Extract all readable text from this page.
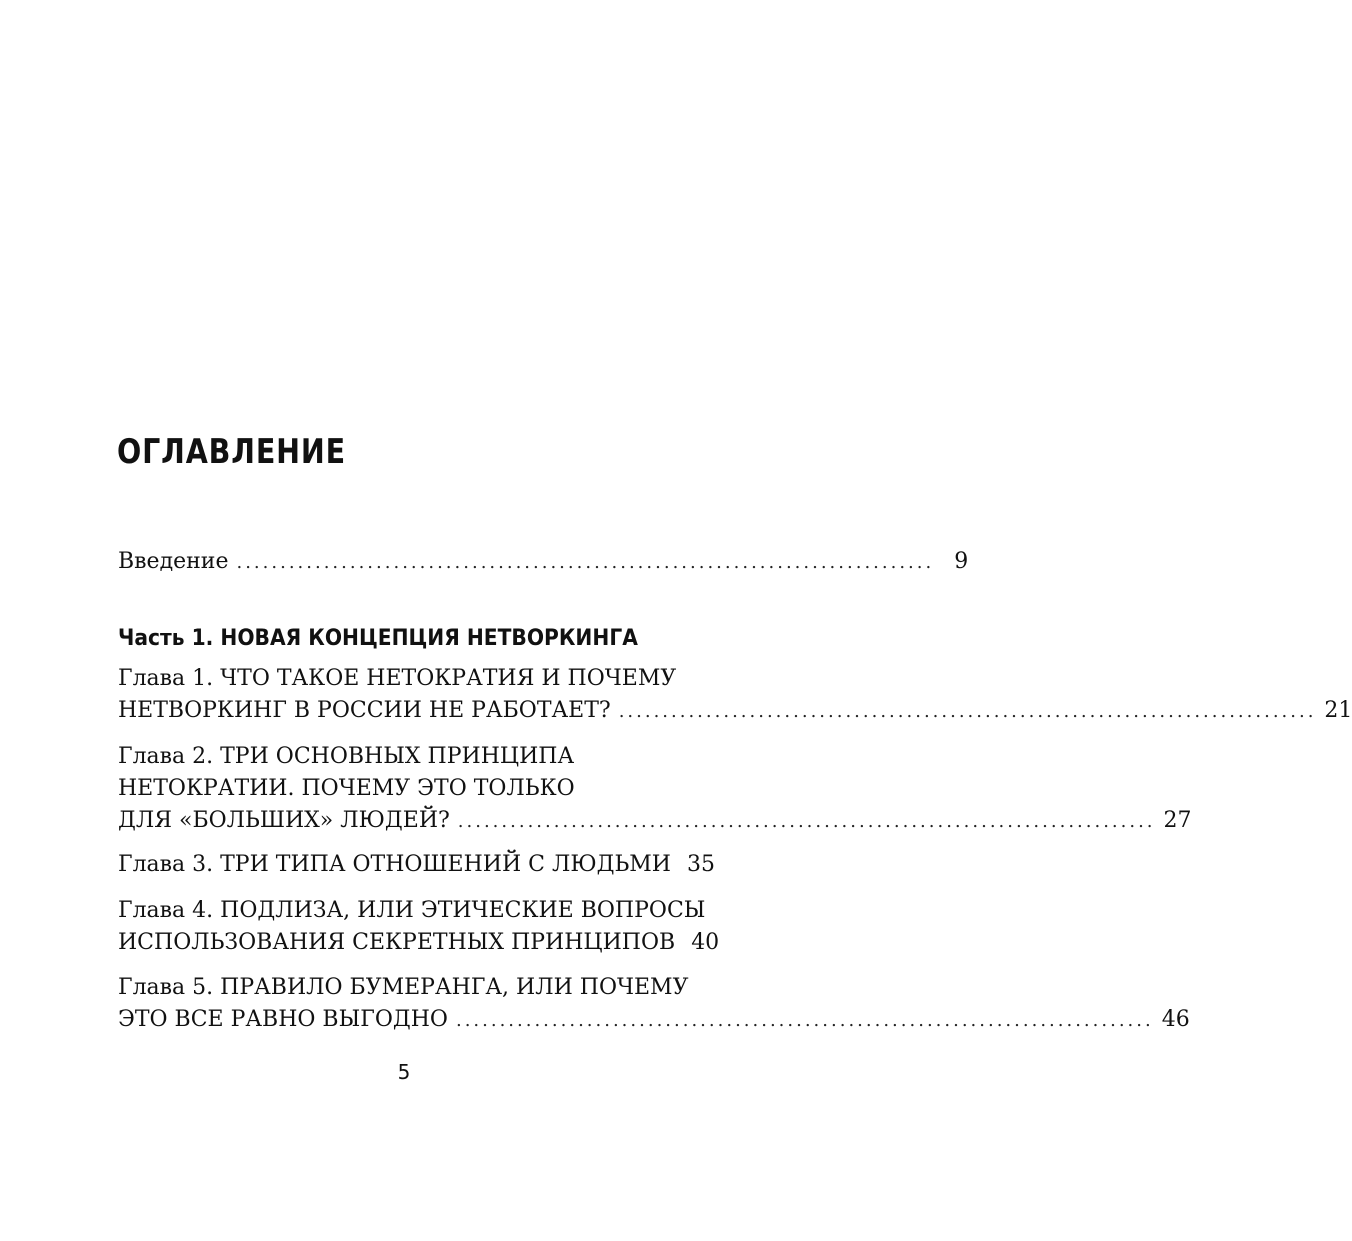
ОГЛАВЛЕНИЕ
Введение ................................................................................ 9
Часть 1. НОВАЯ КОНЦЕПЦИЯ НЕТВОРКИНГА
Глава 1. ЧТО ТАКОЕ НЕТОКРАТИЯ И ПОЧЕМУ
НЕТВОРКИНГ В РОССИИ НЕ РАБОТАЕТ? ................................................................................ 21
Глава 2. ТРИ ОСНОВНЫХ ПРИНЦИПА
НЕТОКРАТИИ. ПОЧЕМУ ЭТО ТОЛЬКО
ДЛЯ «БОЛЬШИХ» ЛЮДЕЙ? ................................................................................ 27
Глава 3. ТРИ ТИПА ОТНОШЕНИЙ С ЛЮДЬМИ 35
Глава 4. ПОДЛИЗА, ИЛИ ЭТИЧЕСКИЕ ВОПРОСЫ
ИСПОЛЬЗОВАНИЯ СЕКРЕТНЫХ ПРИНЦИПОВ 40
Глава 5. ПРАВИЛО БУМЕРАНГА, ИЛИ ПОЧЕМУ
ЭТО ВСЕ РАВНО ВЫГОДНО ................................................................................ 46
5
